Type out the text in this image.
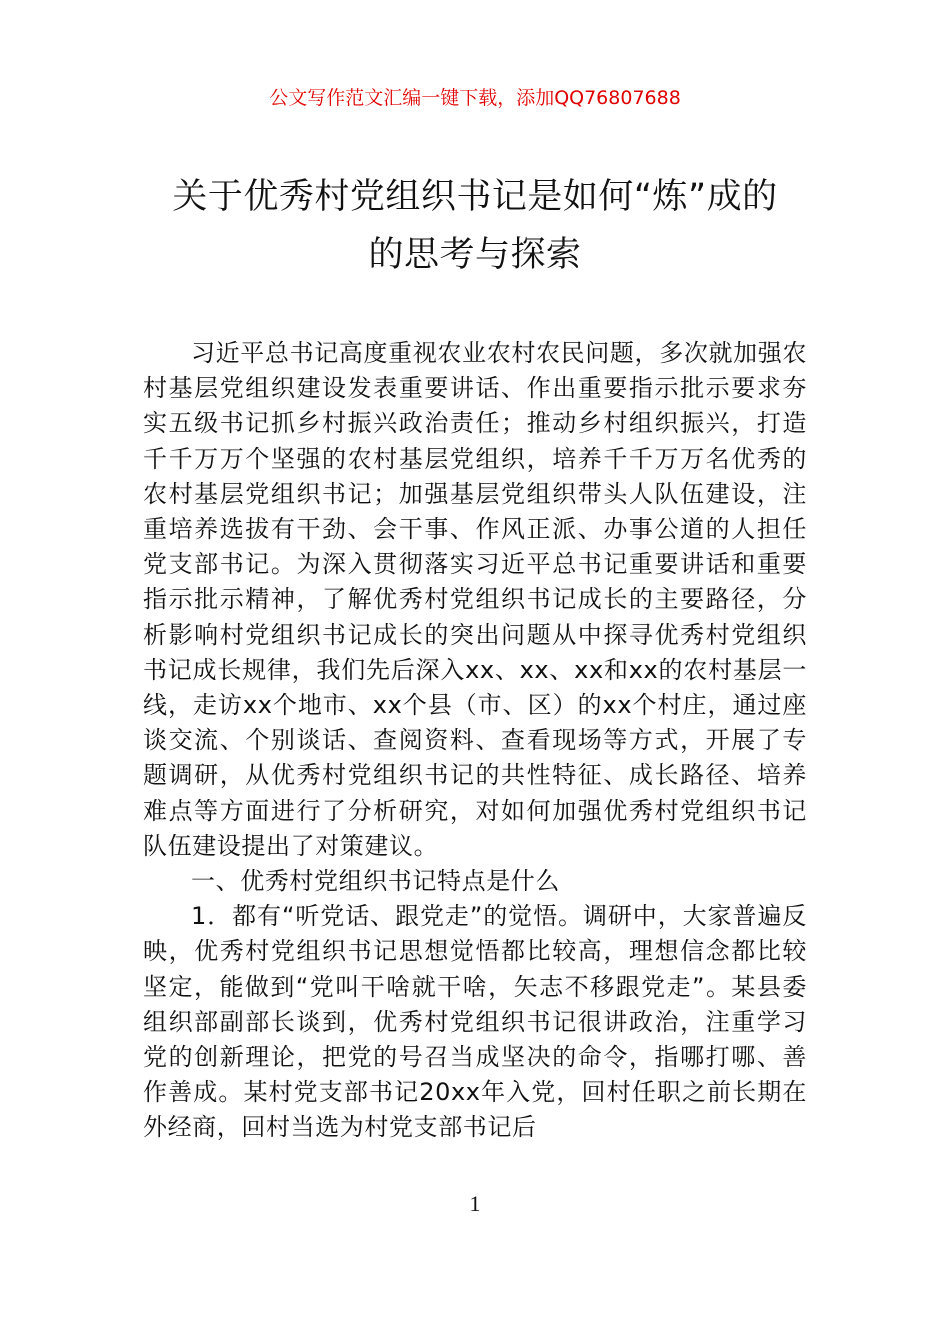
公文写作范文汇编一键下载，添加QQ76807688
关于优秀村党组织书记是如何“炼”成的
的思考与探索

习近平总书记高度重视农业农村农民问题，多次就加强农村基层党组织建设发表重要讲话、作出重要指示批示要求夯实五级书记抓乡村振兴政治责任；推动乡村组织振兴，打造千千万万个坚强的农村基层党组织，培养千千万万名优秀的农村基层党组织书记；加强基层党组织带头人队伍建设，注重培养选拔有干劲、会干事、作风正派、办事公道的人担任党支部书记。为深入贯彻落实习近平总书记重要讲话和重要指示批示精神，了解优秀村党组织书记成长的主要路径，分析影响村党组织书记成长的突出问题从中探寻优秀村党组织书记成长规律，我们先后深入xx、xx、xx和xx的农村基层一线，走访xx个地市、xx个县（市、区）的xx个村庄，通过座谈交流、个别谈话、查阅资料、查看现场等方式，开展了专题调研，从优秀村党组织书记的共性特征、成长路径、培养难点等方面进行了分析研究，对如何加强优秀村党组织书记队伍建设提出了对策建议。

一、优秀村党组织书记特点是什么

1．都有“听党话、跟党走”的觉悟。调研中，大家普遍反映，优秀村党组织书记思想觉悟都比较高，理想信念都比较坚定，能做到“党叫干啥就干啥，矢志不移跟党走”。某县委组织部副部长谈到，优秀村党组织书记很讲政治，注重学习党的创新理论，把党的号召当成坚决的命令，指哪打哪、善作善成。某村党支部书记20xx年入党，回村任职之前长期在外经商，回村当选为村党支部书记后

1
